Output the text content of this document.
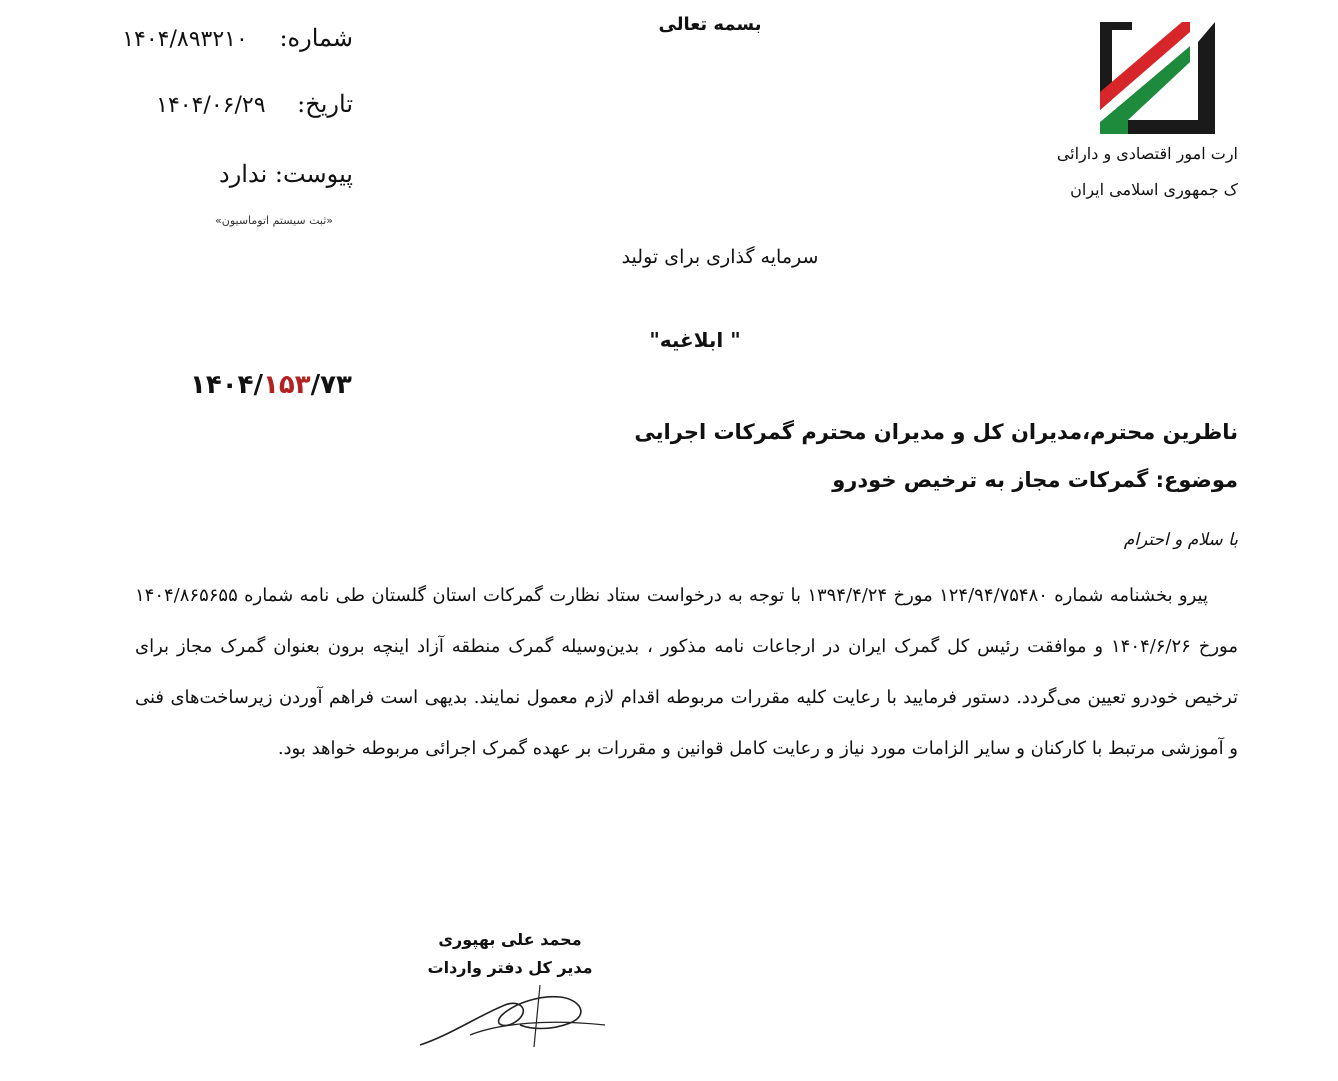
بسمه تعالی
شماره: ۱۴۰۴/۸۹۳۲۱۰
تاریخ: ۱۴۰۴/۰۶/۲۹
پیوست: ندارد
«ثبت سیستم اتوماسیون»
ارت امور اقتصادی و دارائی
ک جمهوری اسلامی ایران
سرمایه گذاری برای تولید
" ابلاغیه"
۱۴۰۴/۱۵۳/۷۳
ناظرین محترم،مدیران کل و مدیران محترم گمرکات اجرایی
موضوع: گمرکات مجاز به ترخیص خودرو
با سلام و احترام

پیرو بخشنامه شماره ۱۲۴/۹۴/۷۵۴۸۰ مورخ ۱۳۹۴/۴/۲۴ با توجه به درخواست ستاد نظارت گمرکات استان گلستان طی نامه شماره ۱۴۰۴/۸۶۵۶۵۵ مورخ ۱۴۰۴/۶/۲۶ و موافقت رئیس کل گمرک ایران در ارجاعات نامه مذکور ، بدین‌وسیله گمرک منطقه آزاد اینچه برون بعنوان گمرک مجاز برای ترخیص خودرو تعیین می‌گردد. دستور فرمایید با رعایت کلیه مقررات مربوطه اقدام لازم معمول نمایند. بدیهی است فراهم آوردن زیرساخت‌های فنی و آموزشی مرتبط با کارکنان و سایر الزامات مورد نیاز و رعایت کامل قوانین و مقررات بر عهده گمرک اجرائی مربوطه خواهد بود.

محمد علی بهپوری
مدیر کل دفتر واردات
